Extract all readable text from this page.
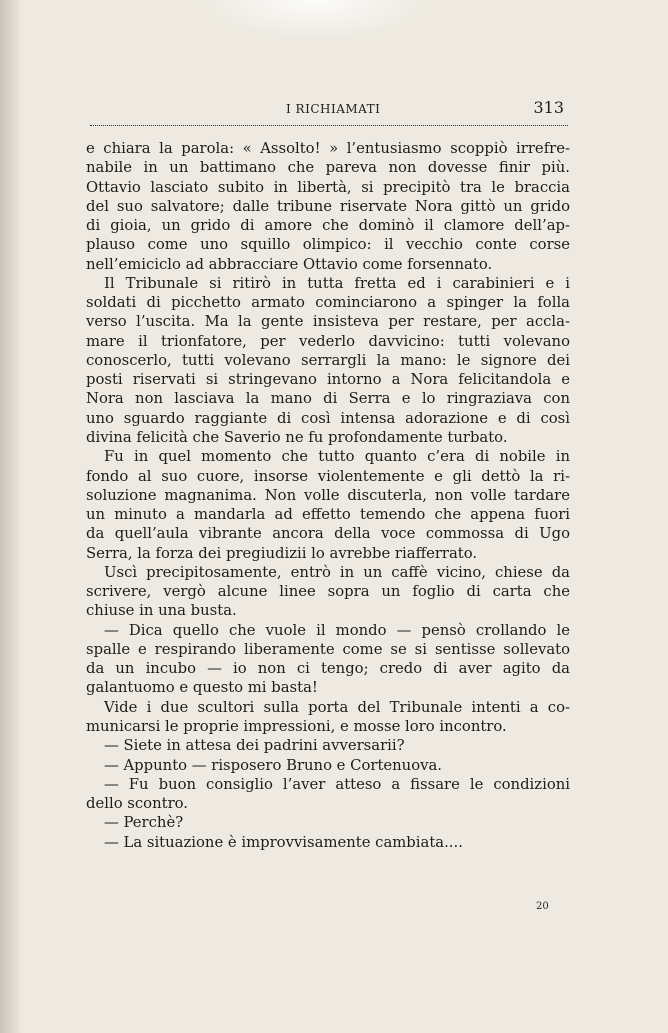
I RICHIAMATI	313
e chiara la parola: « Assolto! » l’entusiasmo scoppiò irrefre-
nabile in un battimano che pareva non dovesse finir più.
Ottavio lasciato subito in libertà, si precipitò tra le braccia
del suo salvatore; dalle tribune riservate Nora gittò un grido
di gioia, un grido di amore che dominò il clamore dell’ap-
plauso come uno squillo olimpico: il vecchio conte corse
nell’emiciclo ad abbracciare Ottavio come forsennato.
Il Tribunale si ritirò in tutta fretta ed i carabinieri e i
soldati di picchetto armato cominciarono a spinger la folla
verso l’uscita. Ma la gente insisteva per restare, per accla-
mare il trionfatore, per vederlo davvicino: tutti volevano
conoscerlo, tutti volevano serrargli la mano: le signore dei
posti riservati si stringevano intorno a Nora felicitandola e
Nora non lasciava la mano di Serra e lo ringraziava con
uno sguardo raggiante di così intensa adorazione e di così
divina felicità che Saverio ne fu profondamente turbato.
Fu in quel momento che tutto quanto c’era di nobile in
fondo al suo cuore, insorse violentemente e gli dettò la ri-
soluzione magnanima. Non volle discuterla, non volle tardare
un minuto a mandarla ad effetto temendo che appena fuori
da quell’aula vibrante ancora della voce commossa di Ugo
Serra, la forza dei pregiudizii lo avrebbe riafferrato.
Uscì precipitosamente, entrò in un caffè vicino, chiese da
scrivere, vergò alcune linee sopra un foglio di carta che
chiuse in una busta.
— Dica quello che vuole il mondo — pensò crollando le
spalle e respirando liberamente come se si sentisse sollevato
da un incubo — io non ci tengo; credo di aver agito da
galantuomo e questo mi basta!
Vide i due scultori sulla porta del Tribunale intenti a co-
municarsi le proprie impressioni, e mosse loro incontro.
— Siete in attesa dei padrini avversarii?
— Appunto — risposero Bruno e Cortenuova.
— Fu buon consiglio l’aver atteso a fissare le condizioni
dello scontro.
— Perchè?
— La situazione è improvvisamente cambiata....
20
